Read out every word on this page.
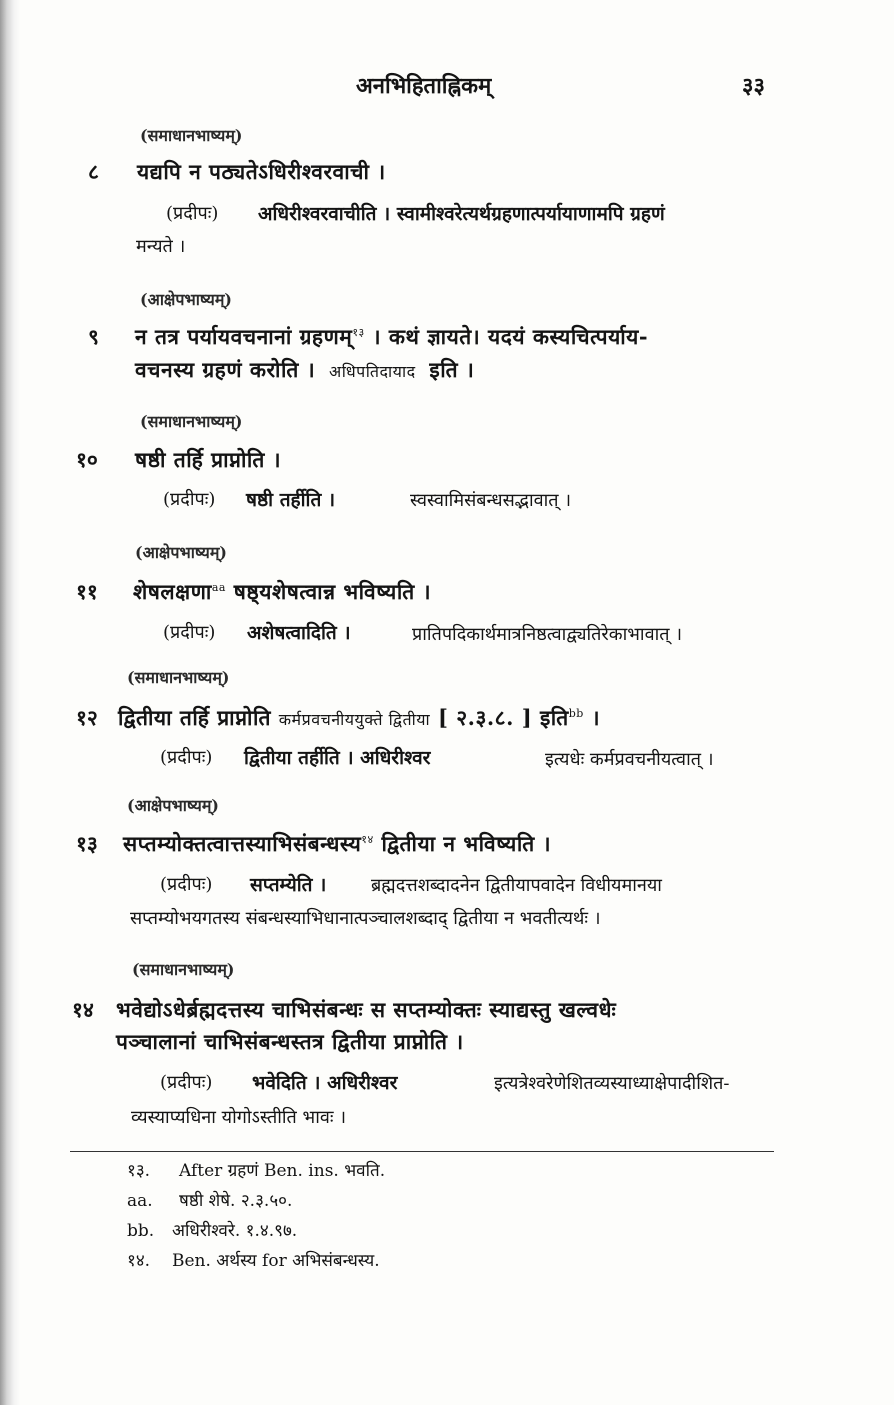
अनभिहिताह्निकम्	३३
(समाधानभाष्यम्)
८ यद्यपि न पठ्यतेऽधिरीश्वरवाची ।
(प्रदीपः) अधिरीश्वरवाचीति । स्वामीश्वरेत्यर्थग्रहणात्पर्यायाणामपि ग्रहणं
मन्यते ।
(आक्षेपभाष्यम्)
९ न तत्र पर्यायवचनानां ग्रहणम्$^{१३}$ । कथं ज्ञायते। यदयं कस्यचित्पर्याय-
वचनस्य ग्रहणं करोति । अधिपतिदायाद इति ।
(समाधानभाष्यम्)
१० षष्ठी तर्हि प्राप्नोति ।
(प्रदीपः) षष्ठी तर्हीति ।	स्वस्वामिसंबन्धसद्भावात् ।
(आक्षेपभाष्यम्)
११ शेषलक्षणा$^{aa}$ षष्ठ्यशेषत्वान्न भविष्यति ।
(प्रदीपः) अशेषत्वादिति ।	प्रातिपदिकार्थमात्रनिष्ठत्वाद्व्यतिरेकाभावात् ।
(समाधानभाष्यम्)
१२ द्वितीया तर्हि प्राप्नोति कर्मप्रवचनीययुक्ते द्वितीया [ २.३.८. ] इति$^{bb}$ ।
(प्रदीपः) द्वितीया तर्हीति । अधिरीश्वर	इत्यधेः कर्मप्रवचनीयत्वात् ।
(आक्षेपभाष्यम्)
१३ सप्तम्योक्तत्वात्तस्याभिसंबन्धस्य$^{१४}$ द्वितीया न भविष्यति ।
(प्रदीपः) सप्तम्येति । ब्रह्मदत्तशब्दादनेन द्वितीयापवादेन विधीयमानया
सप्तम्योभयगतस्य संबन्धस्याभिधानात्पञ्चालशब्दाद् द्वितीया न भवतीत्यर्थः ।
(समाधानभाष्यम्)
१४ भवेद्योऽधेर्ब्रह्मदत्तस्य चाभिसंबन्धः स सप्तम्योक्तः स्याद्यस्तु खल्वधेः
पञ्चालानां चाभिसंबन्धस्तत्र द्वितीया प्राप्नोति ।
(प्रदीपः) भवेदिति । अधिरीश्वर	इत्यत्रेश्वरेणेशितव्यस्याध्याक्षेपादीशित-
व्यस्याप्यधिना योगोऽस्तीति भावः ।
१३. After ग्रहणं Ben. ins. भवति.
aa. षष्ठी शेषे. २.३.५०.
bb. अधिरीश्वरे. १.४.९७.
१४. Ben. अर्थस्य for अभिसंबन्धस्य.
